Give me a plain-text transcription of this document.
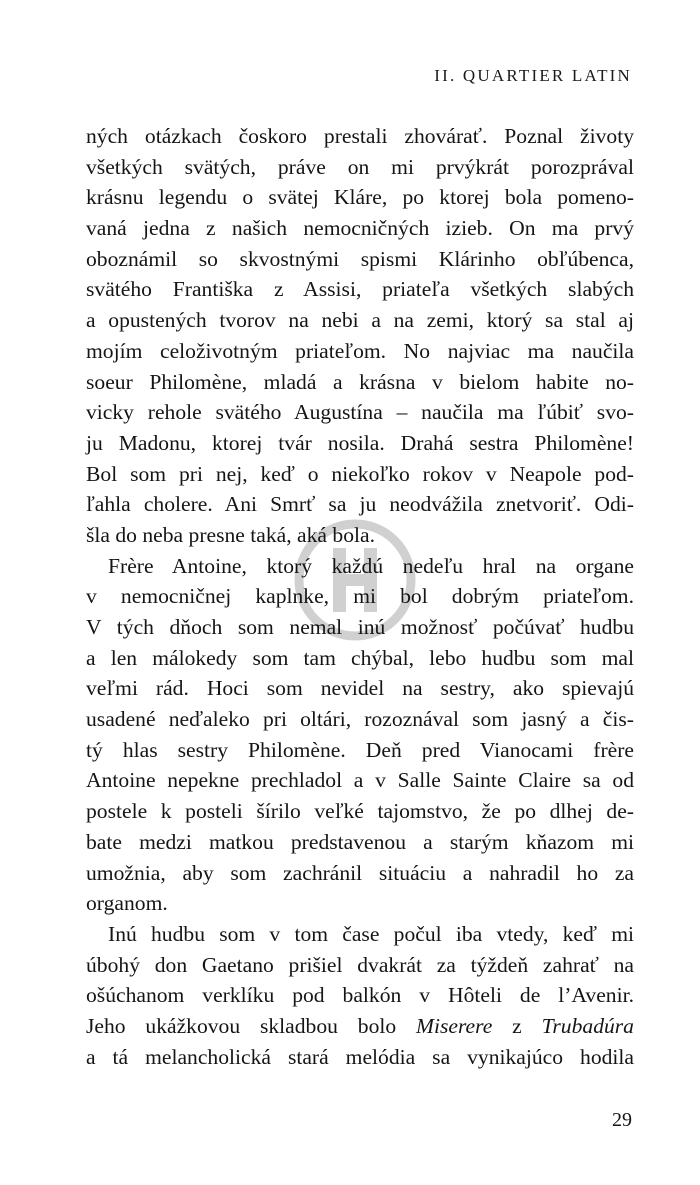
II. QUARTIER LATIN
ných otázkach čoskoro prestali zhovárať. Poznal životy
všetkých svätých, práve on mi prvýkrát porozprával
krásnu legendu o svätej Kláre, po ktorej bola pomeno-
vaná jedna z našich nemocničných izieb. On ma prvý
oboznámil so skvostnými spismi Klárinho obľúbenca,
svätého Františka z Assisi, priateľa všetkých slabých
a opustených tvorov na nebi a na zemi, ktorý sa stal aj
mojím celoživotným priateľom. No najviac ma naučila
soeur Philomène, mladá a krásna v bielom habite no-
vicky rehole svätého Augustína – naučila ma ľúbiť svo-
ju Madonu, ktorej tvár nosila. Drahá sestra Philomène!
Bol som pri nej, keď o niekoľko rokov v Neapole pod-
ľahla cholere. Ani Smrť sa ju neodvážila znetvoriť. Odi-
šla do neba presne taká, aká bola.
Frère Antoine, ktorý každú nedeľu hral na organe
v nemocničnej kaplnke, mi bol dobrým priateľom.
V tých dňoch som nemal inú možnosť počúvať hudbu
a len málokedy som tam chýbal, lebo hudbu som mal
veľmi rád. Hoci som nevidel na sestry, ako spievajú
usadené neďaleko pri oltári, rozoznával som jasný a čis-
tý hlas sestry Philomène. Deň pred Vianocami frère
Antoine nepekne prechladol a v Salle Sainte Claire sa od
postele k posteli šírilo veľké tajomstvo, že po dlhej de-
bate medzi matkou predstavenou a starým kňazom mi
umožnia, aby som zachránil situáciu a nahradil ho za
organom.
Inú hudbu som v tom čase počul iba vtedy, keď mi
úbohý don Gaetano prišiel dvakrát za týždeň zahrať na
ošúchanom verklíku pod balkón v Hôteli de l’Avenir.
Jeho ukážkovou skladbou bolo Miserere z Trubadúra
a tá melancholická stará melódia sa vynikajúco hodila
29
